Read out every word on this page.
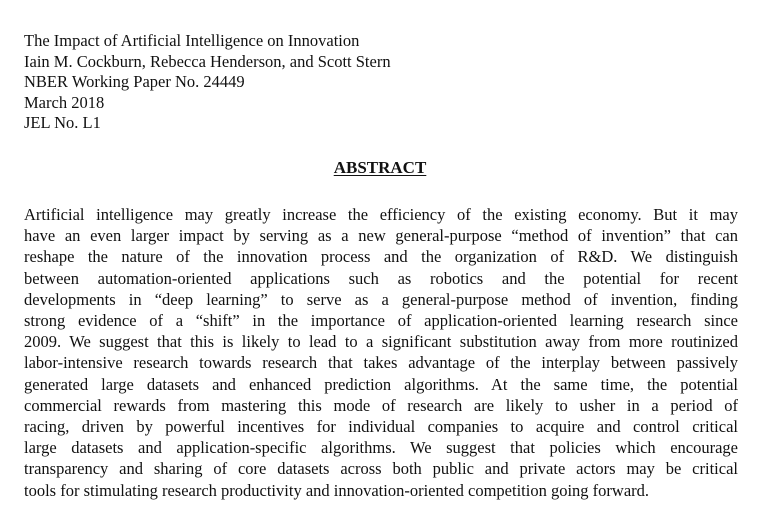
The Impact of Artificial Intelligence on Innovation
Iain M. Cockburn, Rebecca Henderson, and Scott Stern
NBER Working Paper No. 24449
March 2018
JEL No. L1
ABSTRACT
Artificial intelligence may greatly increase the efficiency of the existing economy. But it may
have an even larger impact by serving as a new general-purpose “method of invention” that can
reshape the nature of the innovation process and the organization of R&D. We distinguish
between automation-oriented applications such as robotics and the potential for recent
developments in “deep learning” to serve as a general-purpose method of invention, finding
strong evidence of a “shift” in the importance of application-oriented learning research since
2009. We suggest that this is likely to lead to a significant substitution away from more routinized
labor-intensive research towards research that takes advantage of the interplay between passively
generated large datasets and enhanced prediction algorithms. At the same time, the potential
commercial rewards from mastering this mode of research are likely to usher in a period of
racing, driven by powerful incentives for individual companies to acquire and control critical
large datasets and application-specific algorithms. We suggest that policies which encourage
transparency and sharing of core datasets across both public and private actors may be critical
tools for stimulating research productivity and innovation-oriented competition going forward.
